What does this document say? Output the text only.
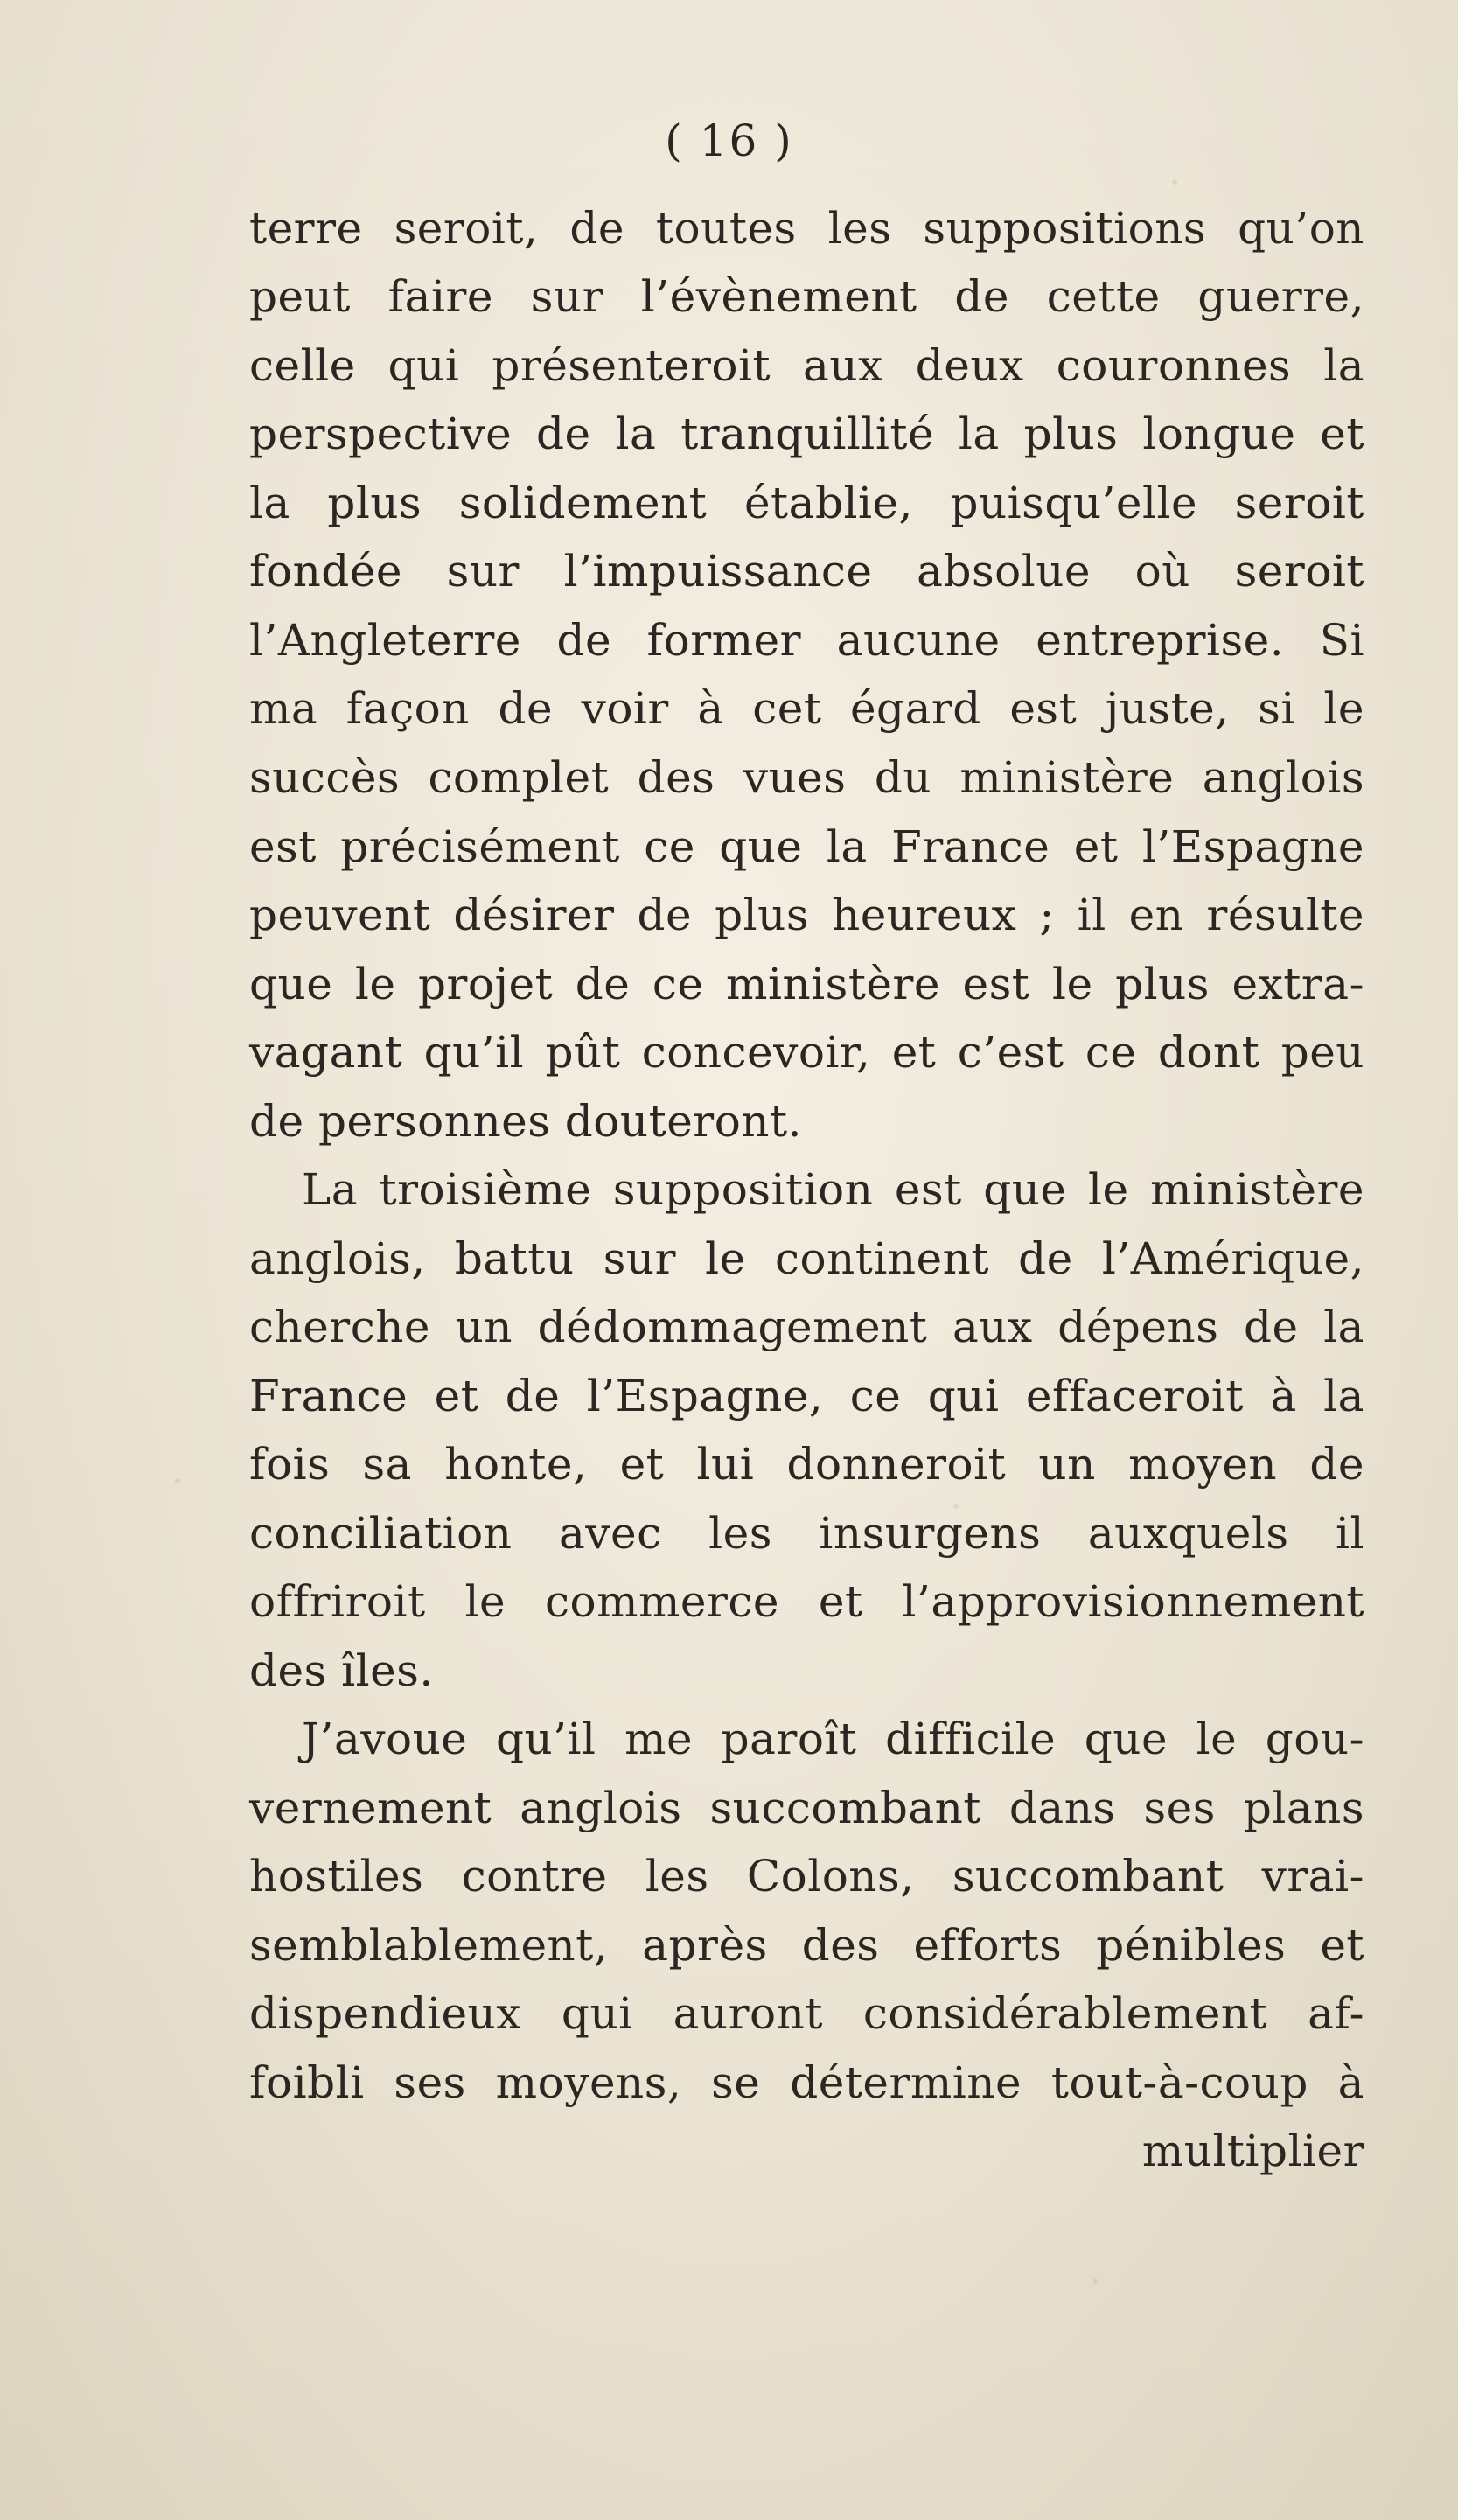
( 16 )
terre seroit, de toutes les suppositions qu’on
peut faire sur l’évènement de cette guerre,
celle qui présenteroit aux deux couronnes la
perspective de la tranquillité la plus longue et
la plus solidement établie, puisqu’elle seroit
fondée sur l’impuissance absolue où seroit
l’Angleterre de former aucune entreprise. Si
ma façon de voir à cet égard est juste, si le
succès complet des vues du ministère anglois
est précisément ce que la France et l’Espagne
peuvent désirer de plus heureux ; il en résulte
que le projet de ce ministère est le plus extra-
vagant qu’il pût concevoir, et c’est ce dont peu
de personnes douteront.
La troisième supposition est que le ministère
anglois, battu sur le continent de l’Amérique,
cherche un dédommagement aux dépens de la
France et de l’Espagne, ce qui effaceroit à la
fois sa honte, et lui donneroit un moyen de
conciliation avec les insurgens auxquels il
offriroit le commerce et l’approvisionnement
des îles.
J’avoue qu’il me paroît difficile que le gou-
vernement anglois succombant dans ses plans
hostiles contre les Colons, succombant vrai-
semblablement, après des efforts pénibles et
dispendieux qui auront considérablement af-
foibli ses moyens, se détermine tout-à-coup à
multiplier
